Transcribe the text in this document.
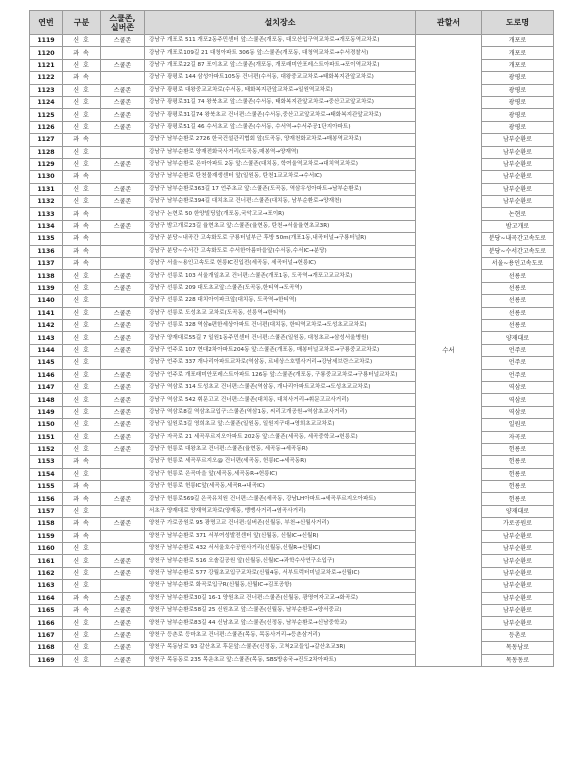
연번	구분	스쿨존,
실버존	설치장소	관할서	도로명
1119	신 호	스쿨존	강남구 개포로 511 개포2동주민센터 앞:스쿨존(개포동, 대모산입구역교차로→개포동역교차로)	수서	개포로
1120	과 속		강남구 개포로109길 21 대청아파트 306동 앞:스쿨존(개포동, 대청역교차로→수서경찰서)		개포로
1121	신 호	스쿨존	강남구 개포로22길 87 포이초교 앞:스쿨존(개포동, 개포래미안포레스트아파트→포이역교차로)		개포로
1122	과 속		강남구 광평로 144 삼성아파트105동 건너편(수서동, 대왕중교교차로→태화복지관앞교차로)		광평로
1123	신 호	스쿨존	강남구 광평로 대왕중교교차로(수서동, 태화복지관앞교차로→일원역교차로)		광평로
1124	신 호	스쿨존	강남구 광평로31길 74 왕북초교 앞:스쿨존(수서동, 태화복지관앞교차로→중산고교앞교차로)		광평로
1125	신 호	스쿨존	강남구 광평로31길74 왕북초교 건너편:스쿨존(수서동,중산고교앞교차로→태화복지관앞교차로)		광평로
1126	신 호	스쿨존	강남구 광평로51길 46 수서초교 앞:스쿨존(수서동, 수서역→수서주공1단지아파트)		광평로
1127	과 속		강남구 남부순환로 2726 한국건설관리협회 앞(도곡동, 양재천화교차로→매봉역교차로)		남부순환로
1128	신 호		강남구 남부순환로 양재전화국사거리(도곡동,매봉역→양재역)		남부순환로
1129	신 호	스쿨존	강남구 남부순환로 은마아파트 2동 앞:스쿨존(대치동, 학여울역교차로→대치역교차로)		남부순환로
1130	과 속		강남구 남부순환로 탄천물재생센터 앞(일원동, 탄천1교교차로→수서IC)		남부순환로
1131	신 호	스쿨존	강남구 남부순환로363길 17 언주초교 앞:스쿨존(도곡동, 역삼우성아파트→남부순환로)		남부순환로
1132	신 호	스쿨존	강남구 남부순환로394길 대치초교 건너편:스쿨존(대치동, 남부순환로→양재천)		남부순환로
1133	과 속		강남구 논현로 50 한양빌딩앞(개포동,국악고교→포이R)		논현로
1134	과 속	스쿨존	강남구 밤고개로23길 율현초교 앞:스쿨존(율현동, 탄천→서울율현초교3R)		밤고개로
1135	과 속		강남구 분당~내곡간 고속화도로 구룡터널부근 후방 50m(개포1동,내곡터널→구룡터널R)		분당~내곡간고속도로
1136	과 속		강남구 분당~수서간 고속화도로 수서한아름마을앞(수서동,수서IC→분당)		분당~수서간고속도로
1137	과 속		강남구 서울~용인고속도로 헌릉IC진입전(세곡동, 세곡터널→헌릉IC)		서울~용인고속도로
1138	신 호	스쿨존	강남구 선릉로 103 서울개일초교 건너편:스쿨존(개포1동, 도곡역→개포고교교차로)		선릉로
1139	신 호	스쿨존	강남구 선릉로 209 대도초교앞:스쿨존(도곡동,한티역→도곡역)		선릉로
1140	신 호		강남구 선릉로 228 대치아이파크앞(대치동, 도곡역→한티역)		선릉로
1141	신 호	스쿨존	강남구 선릉로 도성초교 교차로(도곡동, 선릉역→한티역)		선릉로
1142	신 호	스쿨존	강남구 선릉로 328 역삼e편한세상아파트 건너편(대치동, 한티역교차로→도성초교교차로)		선릉로
1143	신 호	스쿨존	강남구 양재대로55길 7 일원1동주민센터 건너편:스쿨존(일원동, 대청초교→삼성서울병원)		양재대로
1144	신 호	스쿨존	강남구 언주로 107 현대2차아파트204동 앞:스쿨존(개포동, 매봉터널교차로→구룡중교교차로)		언주로
1145	신 호		강남구 언주로 337 개나리아파트교차로(역삼동, 르네상스호텔사거리→강남세브란스교차로)		언주로
1146	신 호	스쿨존	강남구 언주로 개포래미안포레스트아파트 126동 앞:스쿨존(개포동, 구룡중교교차로→구룡터널교차로)		언주로
1147	신 호	스쿨존	강남구 역삼로 314 도성초교 건너편:스쿨존(역삼동, 개나리아파트교차로→도성초교교차로)		역삼로
1148	신 호	스쿨존	강남구 역삼로 542 휘문고교 건너편:스쿨존(대치동, 대치사거리→휘문고교사거리)		역삼로
1149	신 호	스쿨존	강남구 역삼로8길 역삼초교입구:스쿨존(역삼1동, 씨리고개공원→역삼초교사거리)		역삼로
1150	신 호	스쿨존	강남구 일원로3길 영희초교 앞:스쿨존(일원동, 일원지구대→영희초교교차로)		일원로
1151	신 호	스쿨존	강남구 자곡로 21 세곡푸르지오아파트 202동 앞:스쿨존(세곡동, 세곡중학교→헌릉로)		자곡로
1152	신 호	스쿨존	강남구 헌릉로 대왕초교 건너편:스쿨존(율현동, 세곡동→세곡동R)		헌릉로
1153	과 속		강남구 헌릉로 세곡푸르지오@ 건너편(세곡동, 헌릉IC→세곡동R)		헌릉로
1154	신 호		강남구 헌릉로 은곡마을 앞(세곡동,세곡동R→헌릉IC)		헌릉로
1155	과 속		강남구 헌릉로 헌릉IC앞(세곡동,세곡R→내곡IC)		헌릉로
1156	과 속	스쿨존	강남구 헌릉로569길 은곡유치원 건너편:스쿨존(세곡동, 강남LH아파트→세곡푸르지오아파트)		헌릉로
1157	신 호		서초구 양재대로 양재역교차로(양재동, 뱅뱅사거리→염곡사거리)		양재대로
1158	과 속	스쿨존	양천구 가로공원로 95 광명고교 건너편:실버존(신월동, 부천→신월사거리)		가로공원로
1159	과 속		양천구 남부순환로 371 서부여성발전센터 앞(신월동, 신월IC→신월R)		남부순환로
1160	신 호		양천구 남부순환로 432 서서울호수공원사거리(신월동,신월R→신월IC)		남부순환로
1161	신 호	스쿨존	양천구 남부순환로 516 오솔길공원 앞(신월동,신월IC→과학수사연구소입구)		남부순환로
1162	신 호	스쿨존	양천구 남부순환로 577 강월초교입구교차로(신월4동, 서부트럭터미널교차로→신월IC)		남부순환로
1163	신 호		양천구 남부순환로 화곡로입구R(신월동,신월IC→김포공항)		남부순환로
1164	과 속	스쿨존	양천구 남부순환로30길 16-1 양원초교 건너편:스쿨존(신월동, 광명여자고교→화곡로)		남부순환로
1165	과 속	스쿨존	양천구 남부순환로58길 25 신원초교 앞:스쿨존(신월동, 남부순환로→양서중교)		남부순환로
1166	신 호	스쿨존	양천구 남부순환로83길 44 신남초교 앞:스쿨존(신정동, 남부순환로→신남중학교)		남부순환로
1167	신 호	스쿨존	양천구 등촌로 등마초교 건너편:스쿨존(목동, 목동사거리→등촌삼거리)		등촌로
1168	신 호	스쿨존	양천구 목동남로 93 갈산초교 후문앞:스쿨존(신정동, 고척2교들입→갈산초교3R)		목동남로
1169	신 호	스쿨존	양천구 목동동로 235 목운초교 앞:스쿨존(목동, SBS방송국→진도2차아파트)		목동동로
